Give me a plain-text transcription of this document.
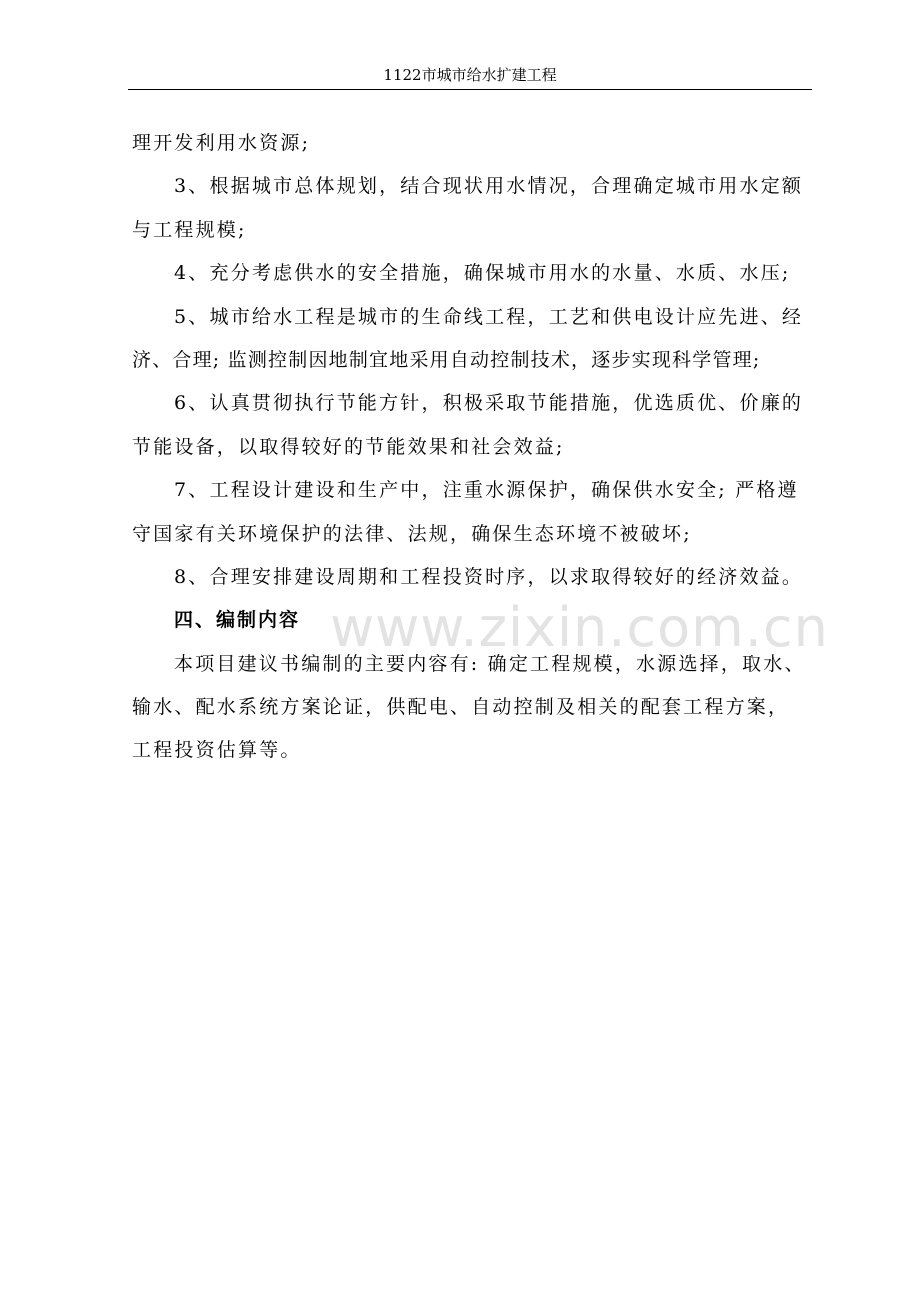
1122市城市给水扩建工程
www.zixin.com.cn
理开发利用水资源;
3、根据城市总体规划，结合现状用水情况，合理确定城市用水定额
与工程规模;
4、充分考虑供水的安全措施，确保城市用水的水量、水质、水压;
5、城市给水工程是城市的生命线工程，工艺和供电设计应先进、经
济、合理; 监测控制因地制宜地采用自动控制技术，逐步实现科学管理;
6、认真贯彻执行节能方针，积极采取节能措施，优选质优、价廉的
节能设备，以取得较好的节能效果和社会效益;
7、工程设计建设和生产中，注重水源保护，确保供水安全; 严格遵
守国家有关环境保护的法律、法规，确保生态环境不被破坏;
8、合理安排建设周期和工程投资时序，以求取得较好的经济效益。
四、编制内容
本项目建议书编制的主要内容有: 确定工程规模，水源选择，取水、
输水、配水系统方案论证，供配电、自动控制及相关的配套工程方案，
工程投资估算等。
